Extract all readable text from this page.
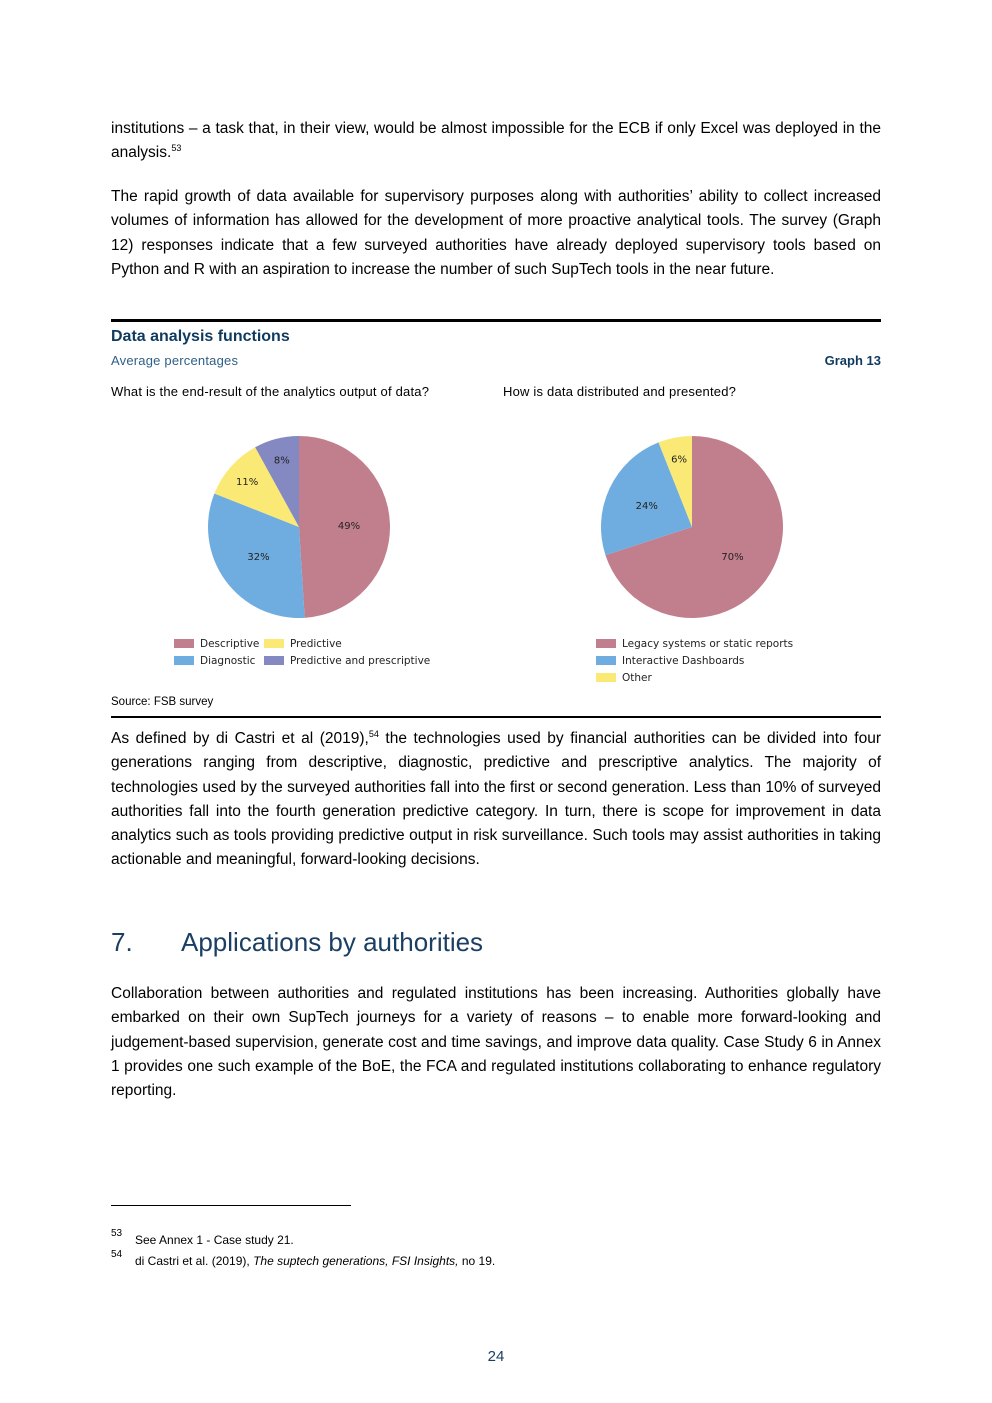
institutions – a task that, in their view, would be almost impossible for the ECB if only Excel was deployed in the analysis.$^{53}$

The rapid growth of data available for supervisory purposes along with authorities’ ability to collect increased volumes of information has allowed for the development of more proactive analytical tools. The survey (Graph 12) responses indicate that a few surveyed authorities have already deployed supervisory tools based on Python and R with an aspiration to increase the number of such SupTech tools in the near future.

Data analysis functions
Average percentages	Graph 13
What is the end-result of the analytics output of data?	How is data distributed and presented?
49%
32%
11%
8%
70%
24%
6%
Descriptive
Diagnostic
Predictive
Predictive and prescriptive
Legacy systems or static reports
Interactive Dashboards
Other
Source: FSB survey

As defined by di Castri et al (2019),$^{54}$ the technologies used by financial authorities can be divided into four generations ranging from descriptive, diagnostic, predictive and prescriptive analytics. The majority of technologies used by the surveyed authorities fall into the first or second generation. Less than 10% of surveyed authorities fall into the fourth generation predictive category. In turn, there is scope for improvement in data analytics such as tools providing predictive output in risk surveillance. Such tools may assist authorities in taking actionable and meaningful, forward-looking decisions.

7. Applications by authorities

Collaboration between authorities and regulated institutions has been increasing. Authorities globally have embarked on their own SupTech journeys for a variety of reasons – to enable more forward-looking and judgement-based supervision, generate cost and time savings, and improve data quality. Case Study 6 in Annex 1 provides one such example of the BoE, the FCA and regulated institutions collaborating to enhance regulatory reporting.

53 See Annex 1 - Case study 21.
54 di Castri et al. (2019), The suptech generations, FSI Insights, no 19.
24
